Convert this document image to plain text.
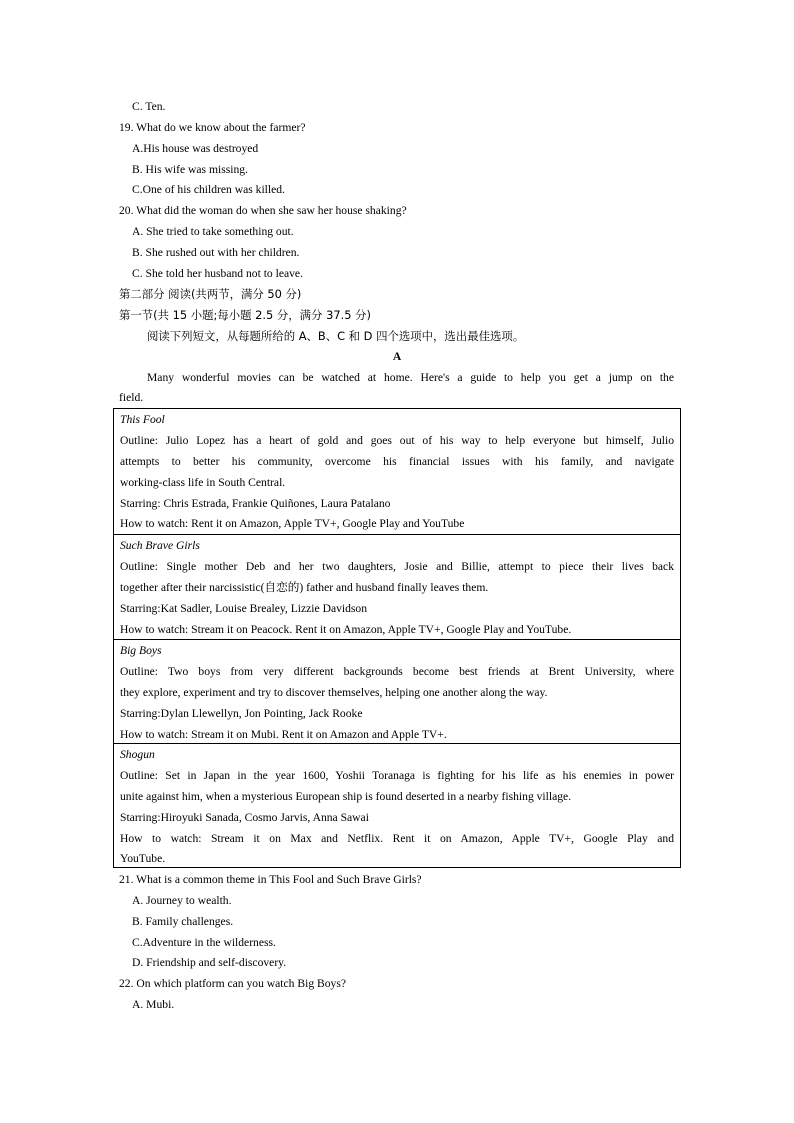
C. Ten.
19. What do we know about the farmer?
A.His house was destroyed
B. His wife was missing.
C.One of his children was killed.
20. What did the woman do when she saw her house shaking?
A. She tried to take something out.
B. She rushed out with her children.
C. She told her husband not to leave.
第二部分 阅读(共两节，满分 50 分)
第一节(共 15 小题;每小题 2.5 分，满分 37.5 分)
阅读下列短文，从每题所给的 A、B、C 和 D 四个选项中，选出最佳选项。
A
Many wonderful movies can be watched at home. Here's a guide to help you get a jump on the
field.
This Fool
Outline: Julio Lopez has a heart of gold and goes out of his way to help everyone but himself, Julio
attempts to better his community, overcome his financial issues with his family, and navigate
working-class life in South Central.
Starring: Chris Estrada, Frankie Quiñones, Laura Patalano
How to watch: Rent it on Amazon, Apple TV+, Google Play and YouTube
Such Brave Girls
Outline: Single mother Deb and her two daughters, Josie and Billie, attempt to piece their lives back
together after their narcissistic(自恋的) father and husband finally leaves them.
Starring:Kat Sadler, Louise Brealey, Lizzie Davidson
How to watch: Stream it on Peacock. Rent it on Amazon, Apple TV+, Google Play and YouTube.
Big Boys
Outline: Two boys from very different backgrounds become best friends at Brent University, where
they explore, experiment and try to discover themselves, helping one another along the way.
Starring:Dylan Llewellyn, Jon Pointing, Jack Rooke
How to watch: Stream it on Mubi. Rent it on Amazon and Apple TV+.
Shogun
Outline: Set in Japan in the year 1600, Yoshii Toranaga is fighting for his life as his enemies in power
unite against him, when a mysterious European ship is found deserted in a nearby fishing village.
Starring:Hiroyuki Sanada, Cosmo Jarvis, Anna Sawai
How to watch: Stream it on Max and Netflix. Rent it on Amazon, Apple TV+, Google Play and
YouTube.
21. What is a common theme in This Fool and Such Brave Girls?
A. Journey to wealth.
B. Family challenges.
C.Adventure in the wilderness.
D. Friendship and self-discovery.
22. On which platform can you watch Big Boys?
A. Mubi.
